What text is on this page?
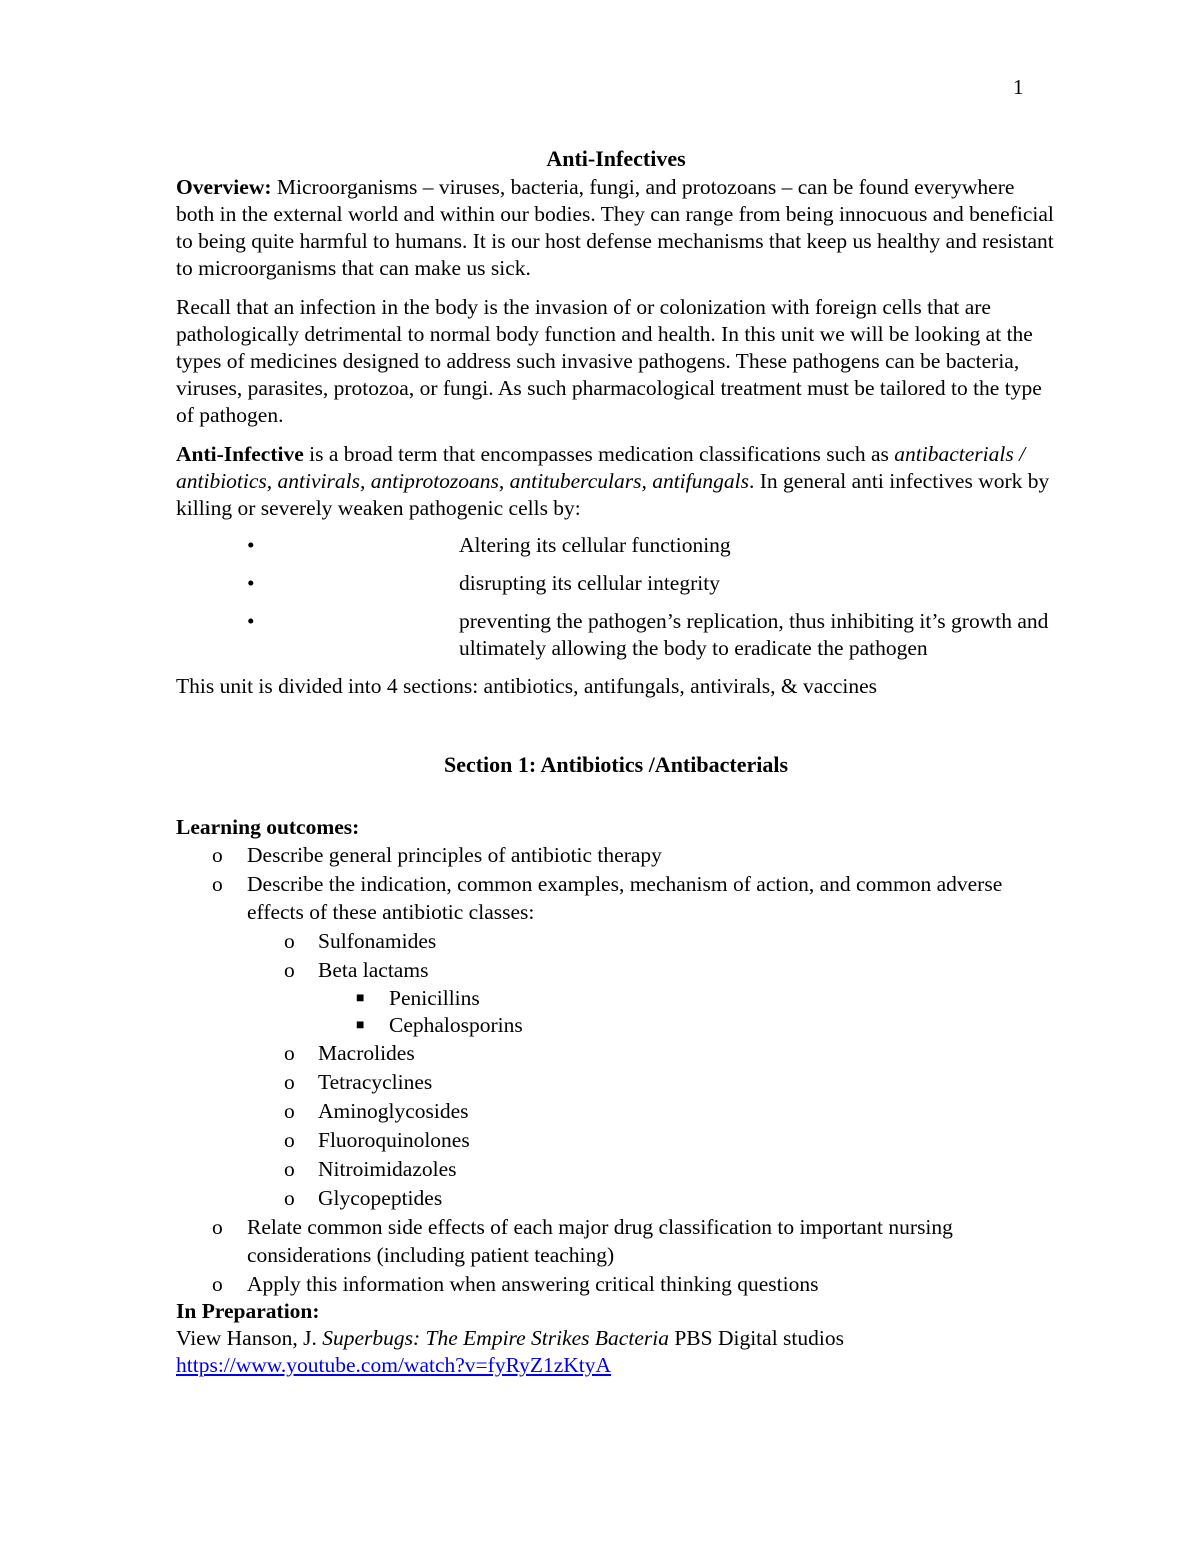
1
Anti-Infectives

Overview: Microorganisms – viruses, bacteria, fungi, and protozoans – can be found everywhere both in the external world and within our bodies. They can range from being innocuous and beneficial to being quite harmful to humans. It is our host defense mechanisms that keep us healthy and resistant to microorganisms that can make us sick.

Recall that an infection in the body is the invasion of or colonization with foreign cells that are pathologically detrimental to normal body function and health. In this unit we will be looking at the types of medicines designed to address such invasive pathogens. These pathogens can be bacteria, viruses, parasites, protozoa, or fungi. As such pharmacological treatment must be tailored to the type of pathogen.

Anti-Infective is a broad term that encompasses medication classifications such as antibacterials / antibiotics, antivirals, antiprotozoans, antituberculars, antifungals. In general anti infectives work by killing or severely weaken pathogenic cells by:

•	Altering its cellular functioning
•	disrupting its cellular integrity
•	preventing the pathogen’s replication, thus inhibiting it’s growth and ultimately allowing the body to eradicate the pathogen

This unit is divided into 4 sections: antibiotics, antifungals, antivirals, & vaccines

Section 1: Antibiotics /Antibacterials

Learning outcomes:

o Describe general principles of antibiotic therapy
o Describe the indication, common examples, mechanism of action, and common adverse effects of these antibiotic classes:
o Sulfonamides
o Beta lactams
■ Penicillins
■ Cephalosporins
o Macrolides
o Tetracyclines
o Aminoglycosides
o Fluoroquinolones
o Nitroimidazoles
o Glycopeptides
o Relate common side effects of each major drug classification to important nursing considerations (including patient teaching)
o Apply this information when answering critical thinking questions

In Preparation:

View Hanson, J. Superbugs: The Empire Strikes Bacteria PBS Digital studios

https://www.youtube.com/watch?v=fyRyZ1zKtyA
